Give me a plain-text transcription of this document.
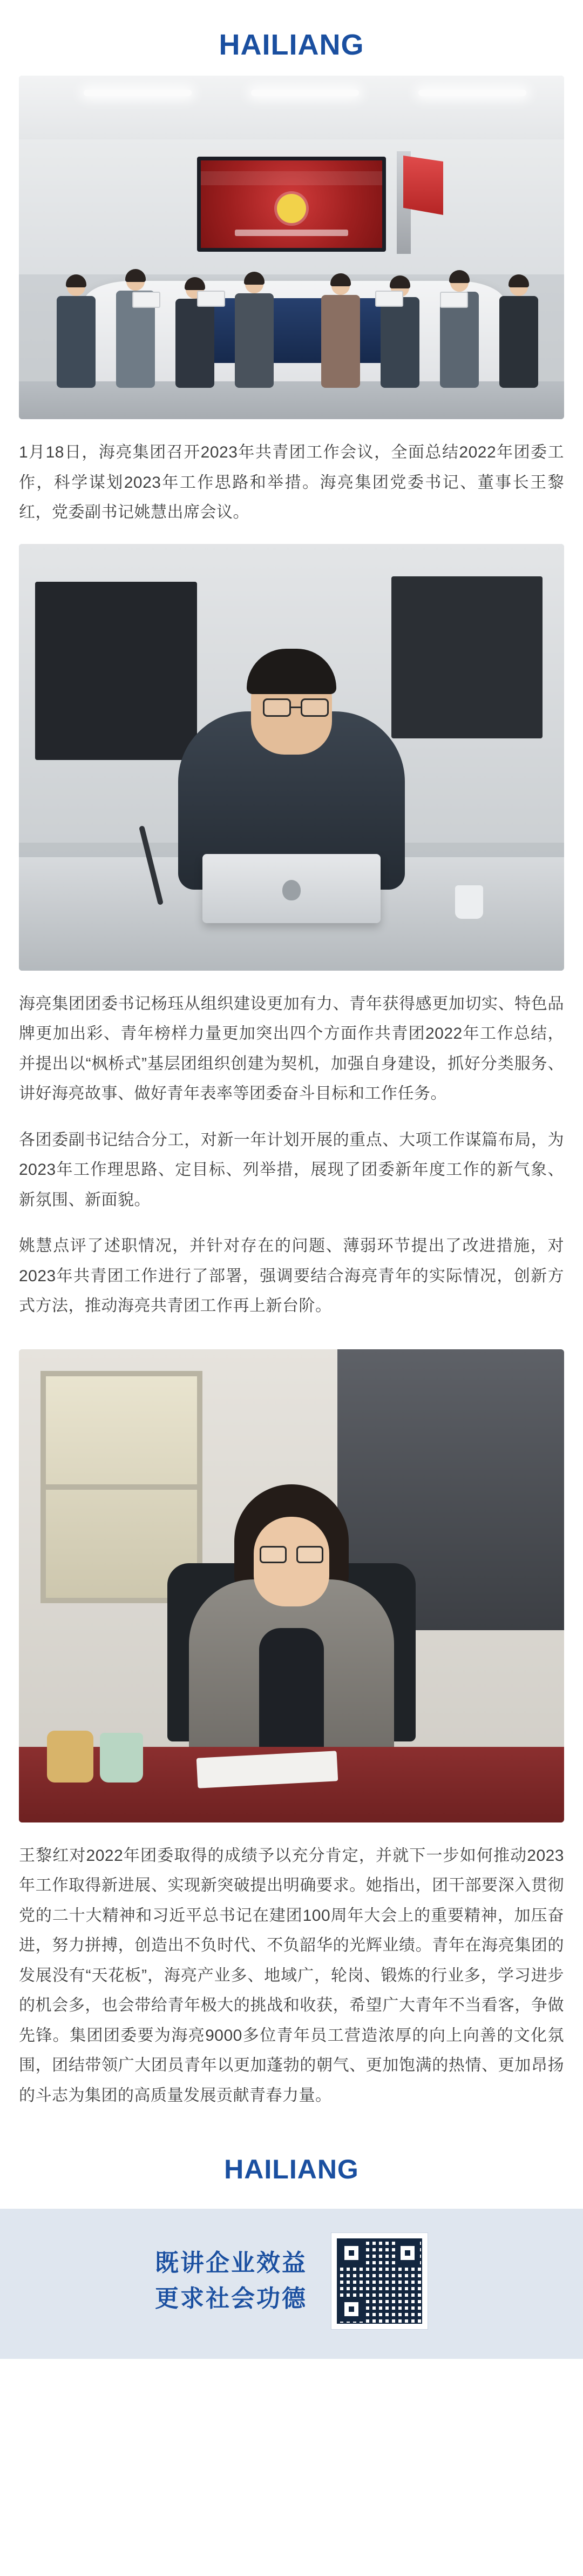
HAILIANG

1月18日，海亮集团召开2023年共青团工作会议，全面总结2022年团委工作，科学谋划2023年工作思路和举措。海亮集团党委书记、董事长王黎红，党委副书记姚慧出席会议。

海亮集团团委书记杨珏从组织建设更加有力、青年获得感更加切实、特色品牌更加出彩、青年榜样力量更加突出四个方面作共青团2022年工作总结，并提出以“枫桥式”基层团组织创建为契机，加强自身建设，抓好分类服务、讲好海亮故事、做好青年表率等团委奋斗目标和工作任务。

各团委副书记结合分工，对新一年计划开展的重点、大项工作谋篇布局，为2023年工作理思路、定目标、列举措，展现了团委新年度工作的新气象、新氛围、新面貌。

姚慧点评了述职情况，并针对存在的问题、薄弱环节提出了改进措施，对2023年共青团工作进行了部署，强调要结合海亮青年的实际情况，创新方式方法，推动海亮共青团工作再上新台阶。

王黎红对2022年团委取得的成绩予以充分肯定，并就下一步如何推动2023年工作取得新进展、实现新突破提出明确要求。她指出，团干部要深入贯彻党的二十大精神和习近平总书记在建团100周年大会上的重要精神，加压奋进，努力拼搏，创造出不负时代、不负韶华的光辉业绩。青年在海亮集团的发展没有“天花板”，海亮产业多、地域广，轮岗、锻炼的行业多，学习进步的机会多，也会带给青年极大的挑战和收获，希望广大青年不当看客，争做先锋。集团团委要为海亮9000多位青年员工营造浓厚的向上向善的文化氛围，团结带领广大团员青年以更加蓬勃的朝气、更加饱满的热情、更加昂扬的斗志为集团的高质量发展贡献青春力量。

HAILIANG
既讲企业效益
更求社会功德
